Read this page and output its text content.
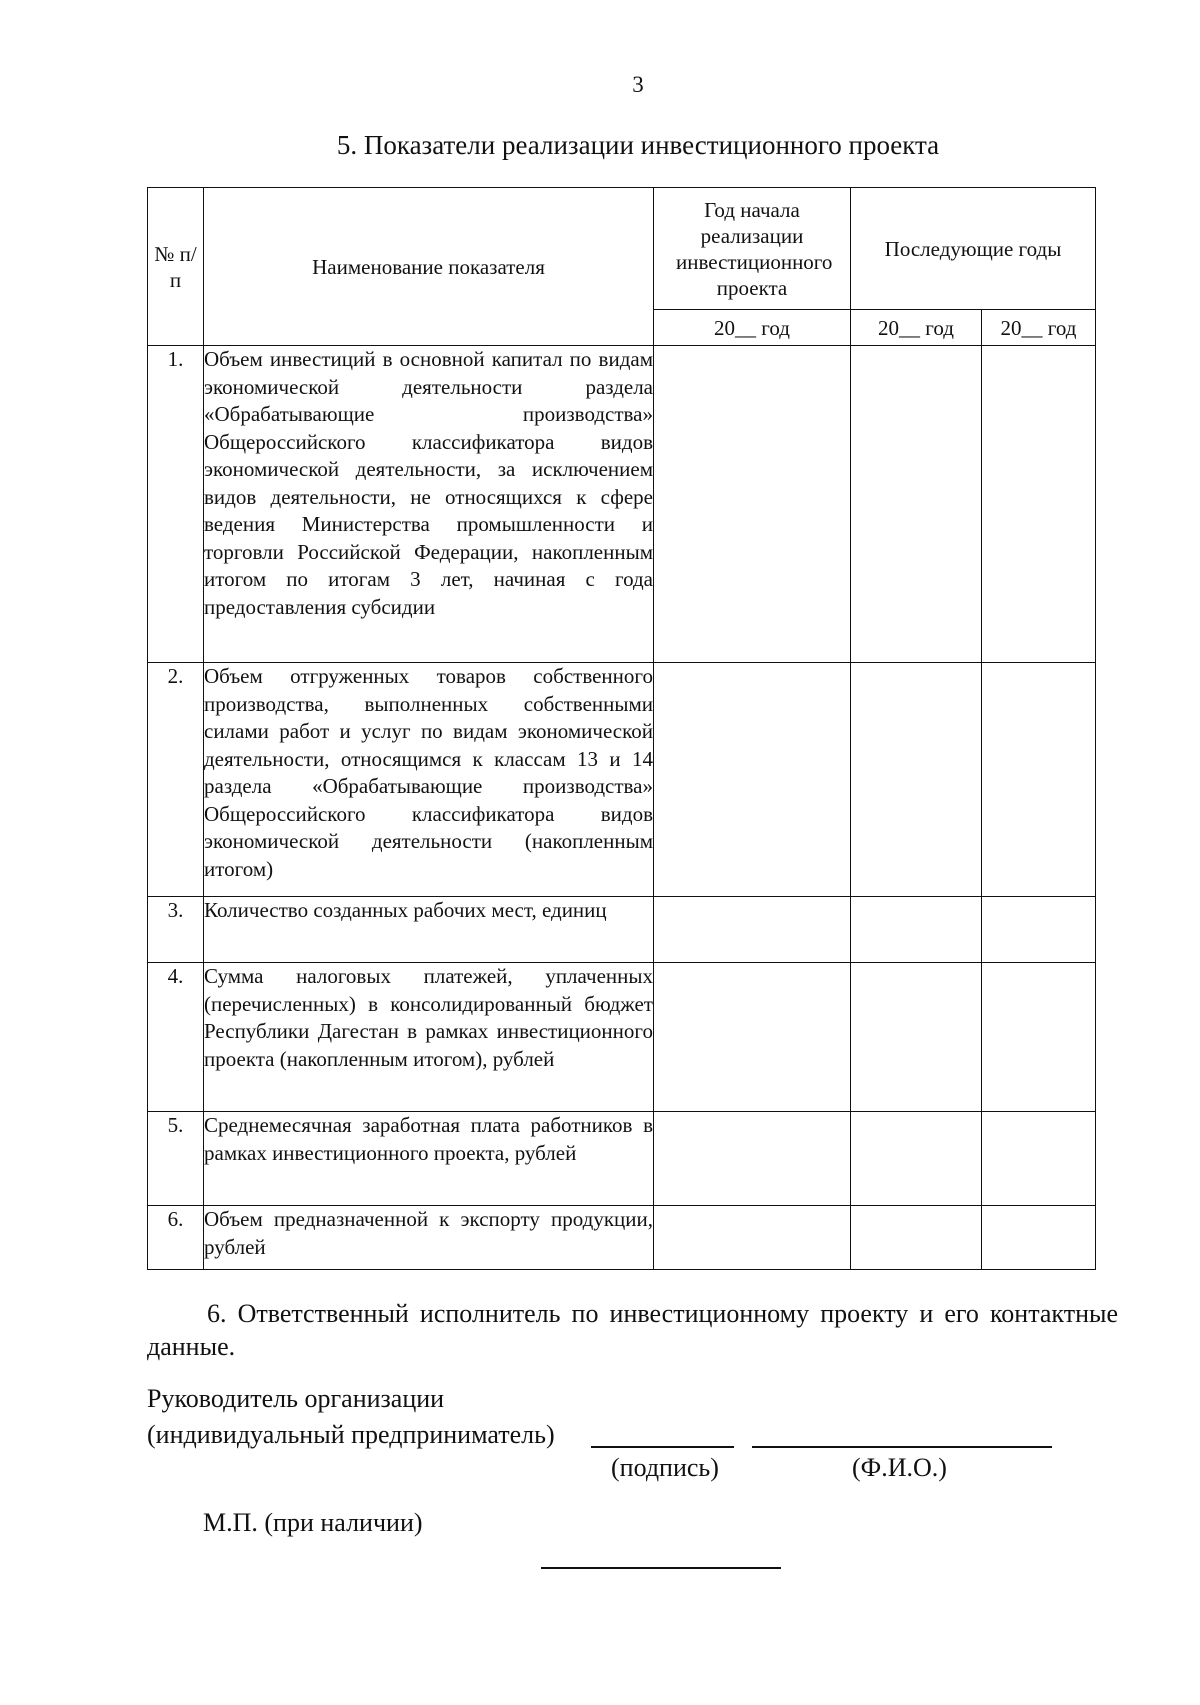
3
5. Показатели реализации инвестиционного проекта
№ п/п	Наименование показателя	Год начала реализации инвестиционного проекта	Последующие годы	
		20__ год	20__ год	20__ год
1.	Объем инвестиций в основной капитал по видам экономической деятельности раздела «Обрабатывающие производства» Общероссийского классификатора видов экономической деятельности, за исключением видов деятельности, не относящихся к сфере ведения Министерства промышленности и торговли Российской Федерации, накопленным итогом по итогам 3 лет, начиная с года предоставления субсидии			
2.	Объем отгруженных товаров собственного производства, выполненных собственными силами работ и услуг по видам экономической деятельности, относящимся к классам 13 и 14 раздела «Обрабатывающие производства» Общероссийского классификатора видов экономической деятельности (накопленным итогом)			
3.	Количество созданных рабочих мест, единиц			
4.	Сумма налоговых платежей, уплаченных (перечисленных) в консолидированный бюджет Республики Дагестан в рамках инвестиционного проекта (накопленным итогом), рублей			
5.	Среднемесячная заработная плата работников в рамках инвестиционного проекта, рублей			
6.	Объем предназначенной к экспорту продукции, рублей			
6. Ответственный исполнитель по инвестиционному проекту и его контактные данные.
Руководитель организации
(индивидуальный предприниматель)
(подпись)	(Ф.И.О.)
М.П. (при наличии)
